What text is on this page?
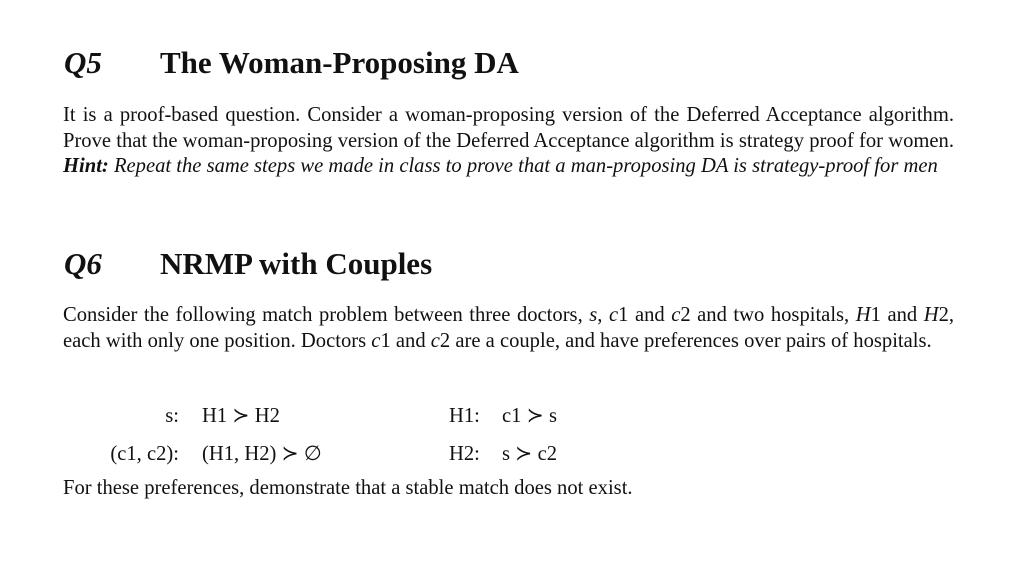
Q5 The Woman-Proposing DA

It is a proof-based question. Consider a woman-proposing version of the Deferred Acceptance algorithm. Prove that the woman-proposing version of the Deferred Acceptance algorithm is strategy proof for women. Hint: Repeat the same steps we made in class to prove that a man-proposing DA is strategy-proof for men

Q6 NRMP with Couples

Consider the following match problem between three doctors, s, c1 and c2 and two hospitals, H1 and H2, each with only one position. Doctors c1 and c2 are a couple, and have preferences over pairs of hospitals.

s: H1 ≻ H2
(c1, c2): (H1, H2) ≻ ∅
H1: c1 ≻ s
H2: s ≻ c2

For these preferences, demonstrate that a stable match does not exist.
